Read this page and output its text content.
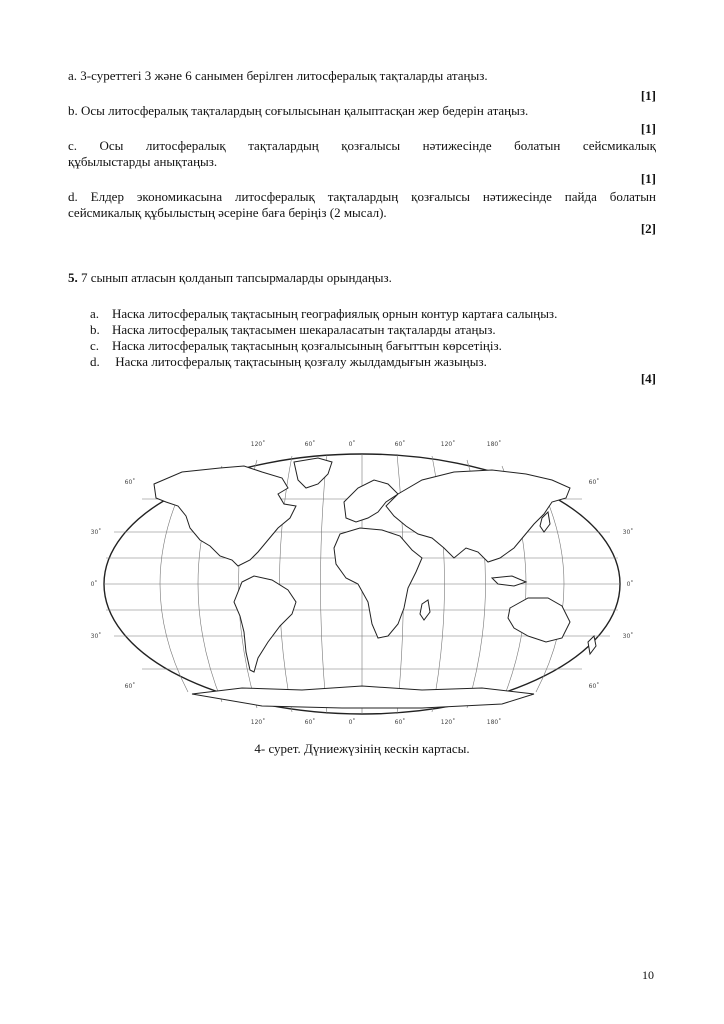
a. 3-суреттегі 3 және 6 санымен берілген литосфералық тақталарды атаңыз.
[1]
b. Осы литосфералық тақталардың соғылысынан қалыптасқан жер бедерін атаңыз.
[1]
c. Осы литосфералық тақталардың қозғалысы нәтижесінде болатын сейсмикалық
құбылыстарды анықтаңыз.
[1]
d. Елдер экономикасына литосфералық тақталардың қозғалысы нәтижесінде пайда болатын
сейсмикалық құбылыстың әсеріне баға беріңіз (2 мысал).
[2]
5. 7 сынып атласын қолданып тапсырмаларды орындаңыз.
a. Наска литосфералық тақтасының географиялық орнын контур картаға салыңыз.
b. Наска литосфералық тақтасымен шекараласатын тақталарды атаңыз.
c. Наска литосфералық тақтасының қозғалысының бағыттын көрсетіңіз.
d. Наска литосфералық тақтасының қозғалу жылдамдығын жазыңыз.
[4]
120˚	60˚	0˚	60˚	120˚	180˚
120˚	60˚	0˚	60˚	120˚	180˚
60˚
30˚
0˚
30˚
60˚
60˚
30˚
0˚
30˚
60˚
4- сурет. Дүниежүзінің кескін картасы.
10
